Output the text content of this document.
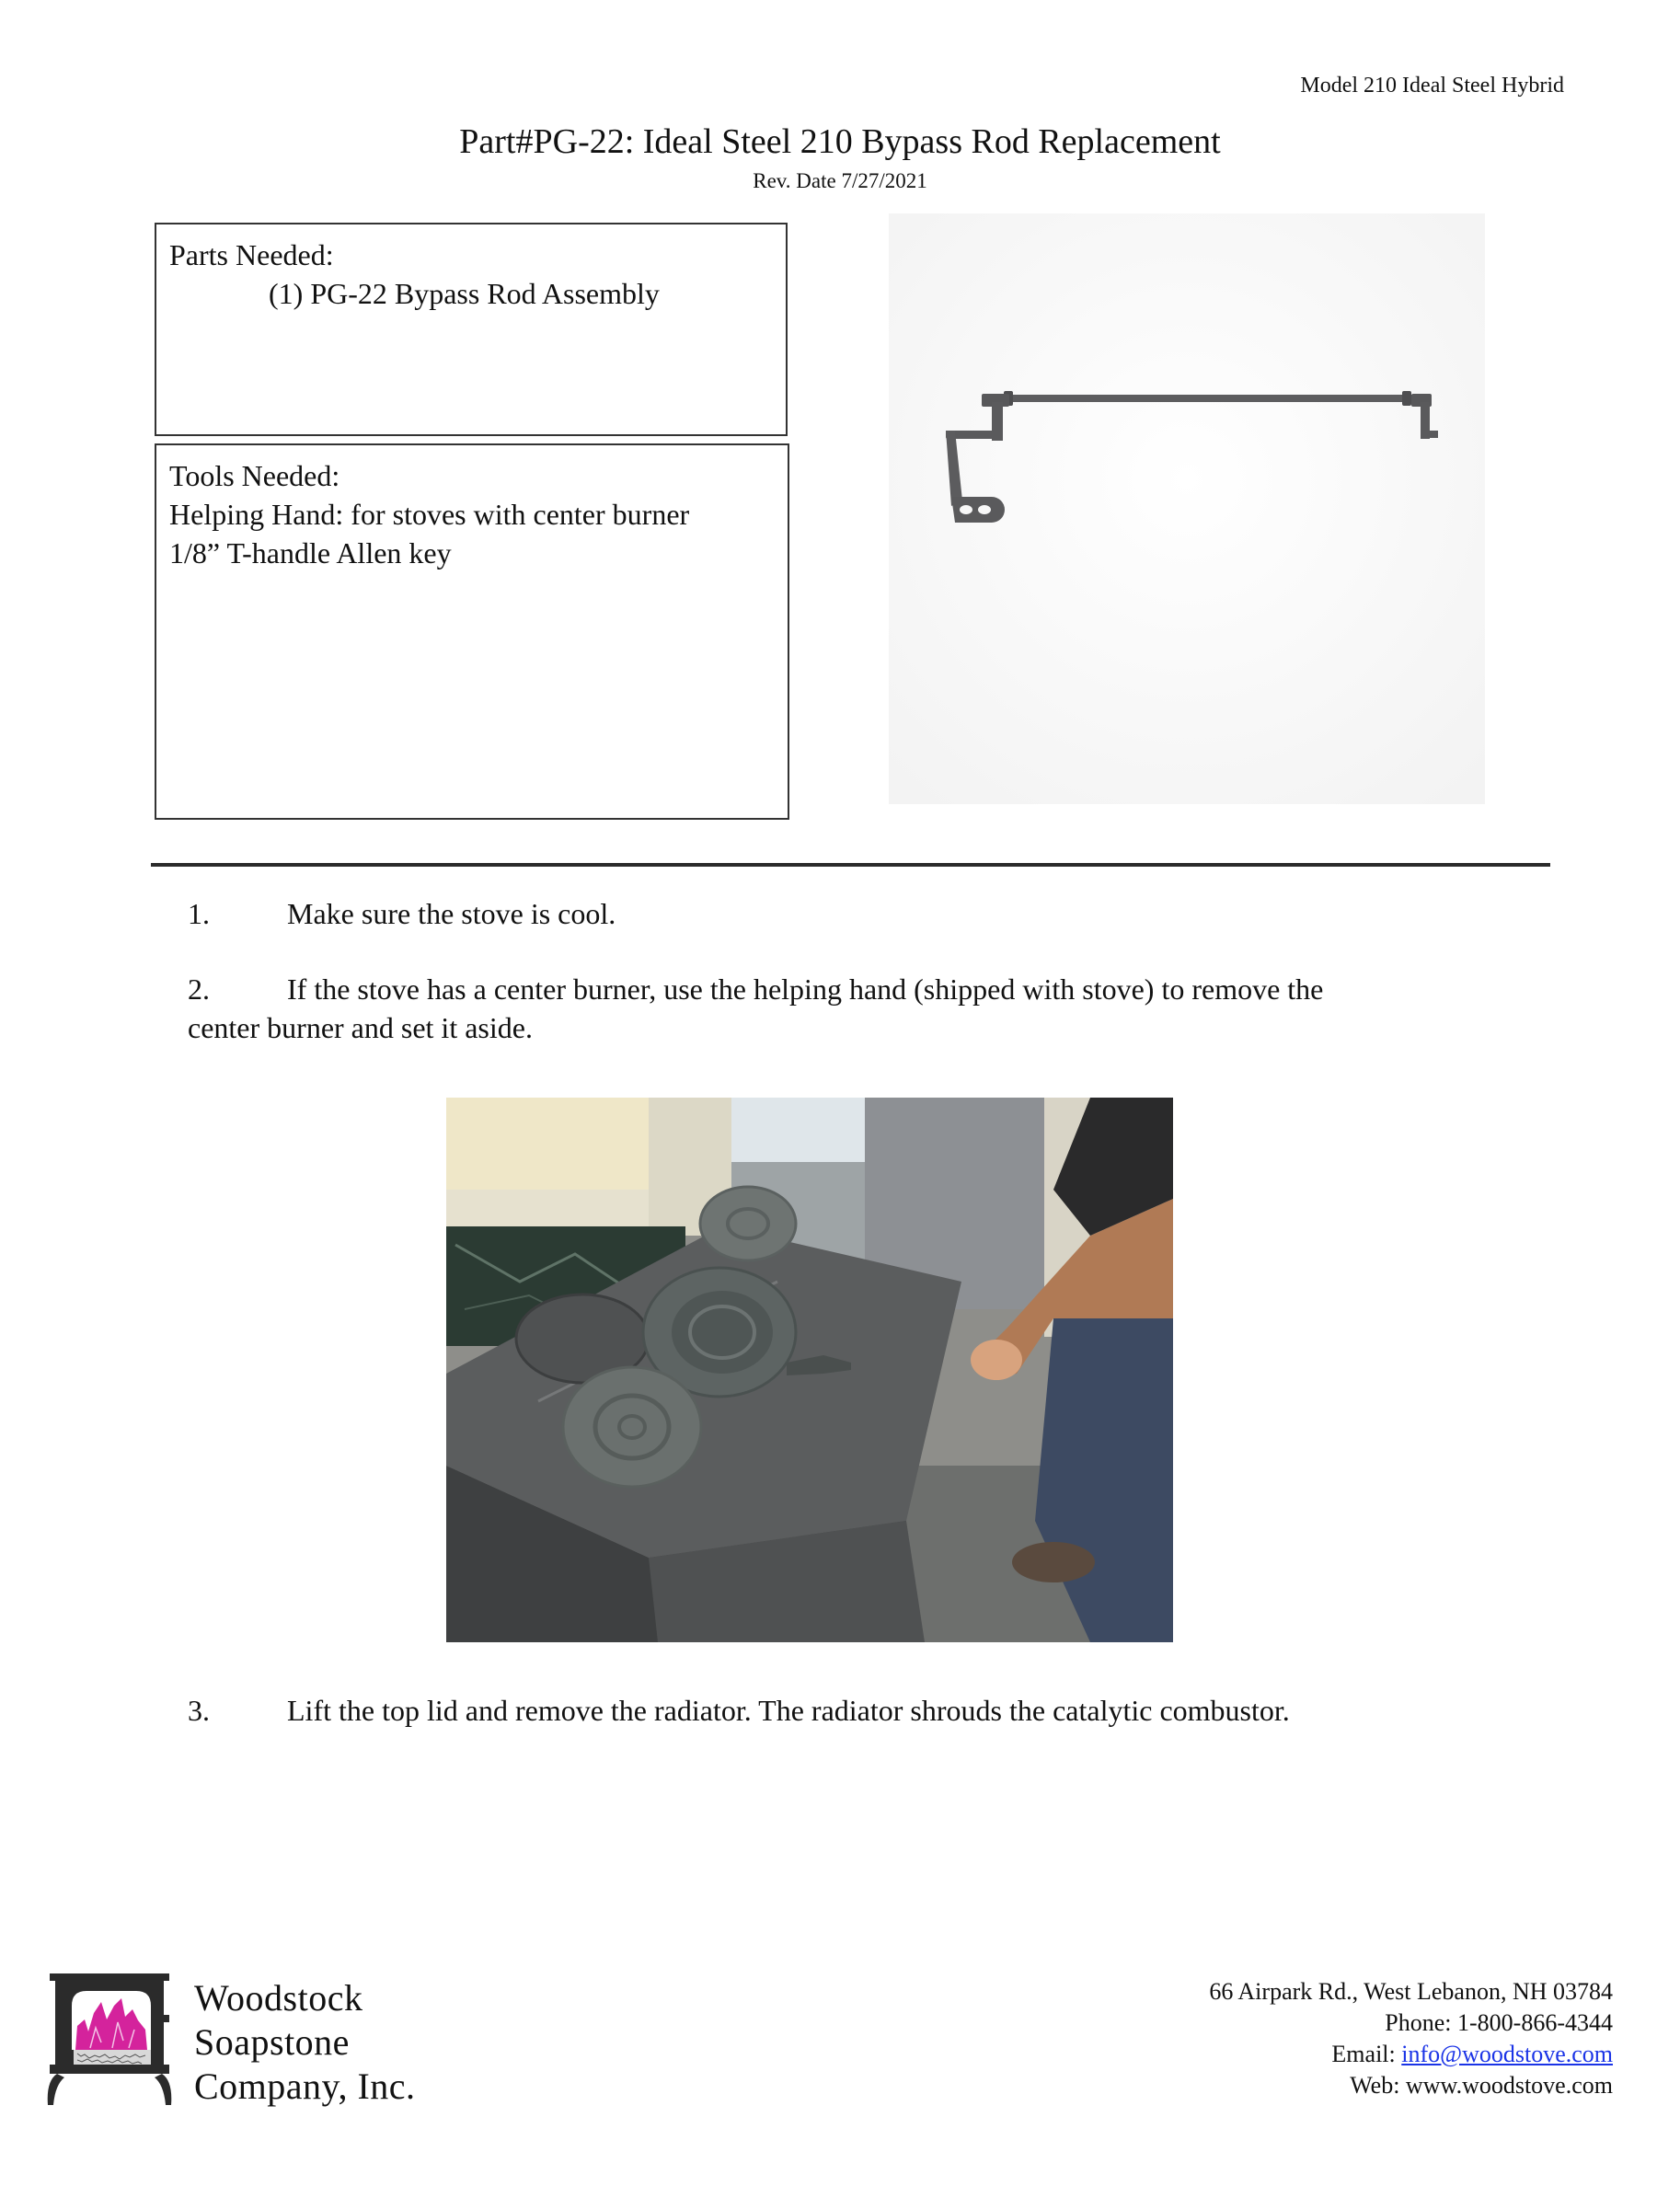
Model 210 Ideal Steel Hybrid
Part#PG-22: Ideal Steel 210 Bypass Rod Replacement
Rev. Date 7/27/2021
Parts Needed:
(1) PG-22 Bypass Rod Assembly
Tools Needed:
Helping Hand: for stoves with center burner
1/8” T-handle Allen key
1.	Make sure the stove is cool.
2.	If the stove has a center burner, use the helping hand (shipped with stove) to remove the
center burner and set it aside.
3.	Lift the top lid and remove the radiator. The radiator shrouds the catalytic combustor.
Woodstock
Soapstone
Company, Inc.
66 Airpark Rd., West Lebanon, NH 03784
Phone: 1-800-866-4344
Email: info@woodstove.com
Web: www.woodstove.com
